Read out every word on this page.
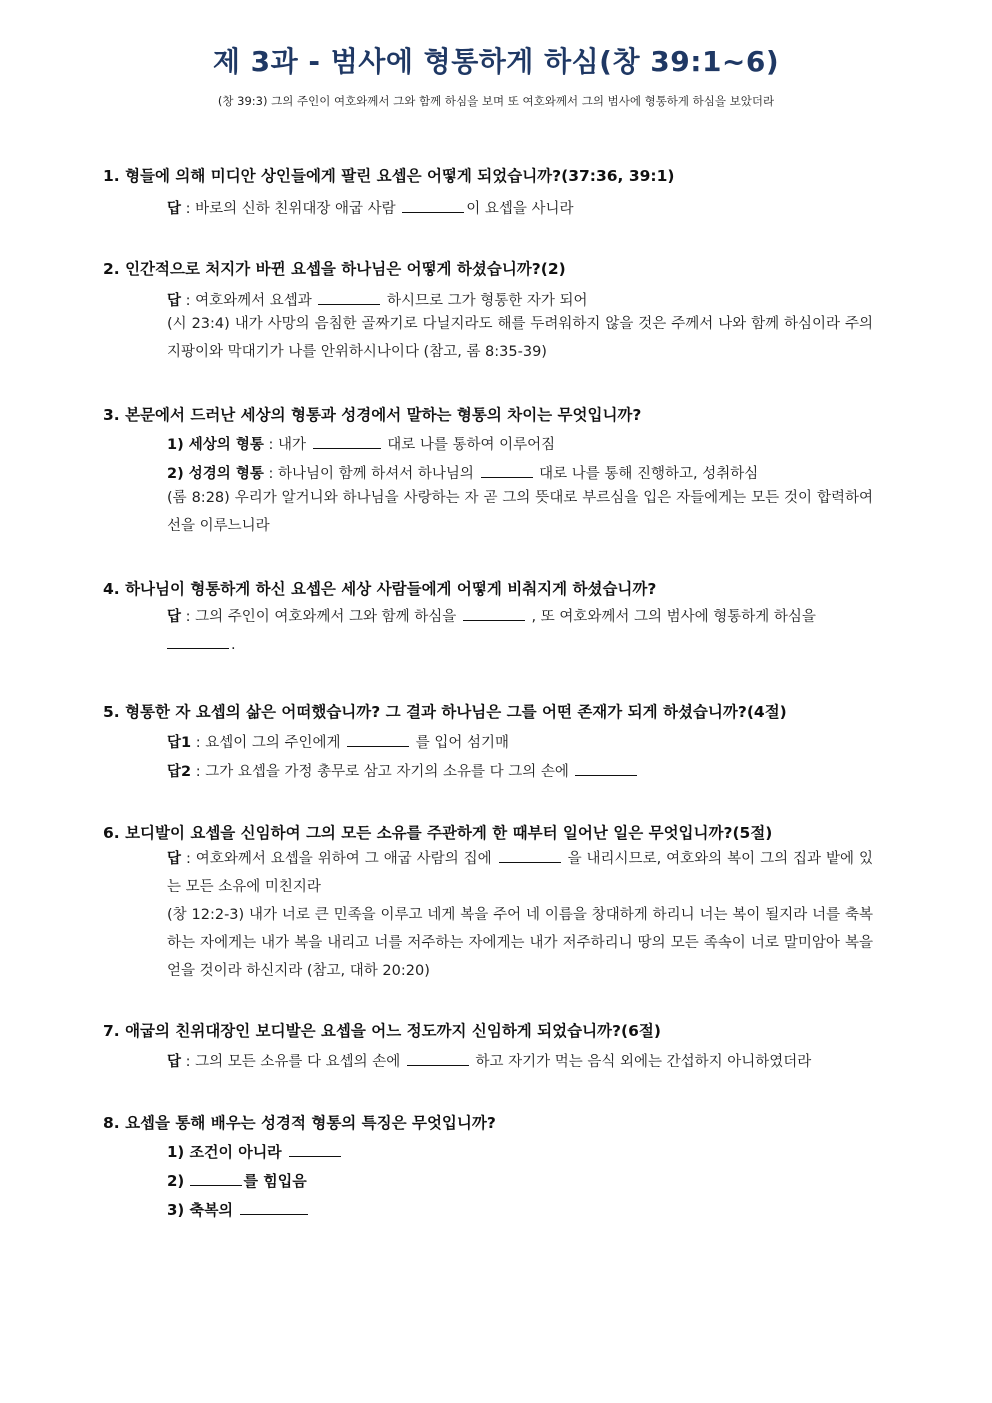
제 3과 - 범사에 형통하게 하심(창 39:1~6)
(창 39:3) 그의 주인이 여호와께서 그와 함께 하심을 보며 또 여호와께서 그의 범사에 형통하게 하심을 보았더라
1. 형들에 의해 미디안 상인들에게 팔린 요셉은 어떻게 되었습니까?(37:36, 39:1)
답 : 바로의 신하 친위대장 애굽 사람	이 요셉을 사니라
2. 인간적으로 처지가 바뀐 요셉을 하나님은 어떻게 하셨습니까?(2)
답 : 여호와께서 요셉과	하시므로 그가 형통한 자가 되어
(시 23:4) 내가 사망의 음침한 골짜기로 다닐지라도 해를 두려워하지 않을 것은 주께서 나와 함께 하심이라 주의 지팡이와 막대기가 나를 안위하시나이다 (참고, 롬 8:35-39)
3. 본문에서 드러난 세상의 형통과 성경에서 말하는 형통의 차이는 무엇입니까?
1) 세상의 형통 : 내가	대로 나를 통하여 이루어짐
2) 성경의 형통 : 하나님이 함께 하셔서 하나님의	대로 나를 통해 진행하고, 성취하심
(롬 8:28) 우리가 알거니와 하나님을 사랑하는 자 곧 그의 뜻대로 부르심을 입은 자들에게는 모든 것이 합력하여 선을 이루느니라
4. 하나님이 형통하게 하신 요셉은 세상 사람들에게 어떻게 비춰지게 하셨습니까?
답 : 그의 주인이 여호와께서 그와 함께 하심을	, 또 여호와께서 그의 범사에 형통하게 하심을
.
5. 형통한 자 요셉의 삶은 어떠했습니까? 그 결과 하나님은 그를 어떤 존재가 되게 하셨습니까?(4절)
답1 : 요셉이 그의 주인에게	를 입어 섬기매
답2 : 그가 요셉을 가정 총무로 삼고 자기의 소유를 다 그의 손에
6. 보디발이 요셉을 신임하여 그의 모든 소유를 주관하게 한 때부터 일어난 일은 무엇입니까?(5절)
답 : 여호와께서 요셉을 위하여 그 애굽 사람의 집에	을 내리시므로, 여호와의 복이 그의 집과 밭에 있는 모든 소유에 미친지라
(창 12:2-3) 내가 너로 큰 민족을 이루고 네게 복을 주어 네 이름을 창대하게 하리니 너는 복이 될지라 너를 축복하는 자에게는 내가 복을 내리고 너를 저주하는 자에게는 내가 저주하리니 땅의 모든 족속이 너로 말미암아 복을 얻을 것이라 하신지라 (참고, 대하 20:20)
7. 애굽의 친위대장인 보디발은 요셉을 어느 정도까지 신임하게 되었습니까?(6절)
답 : 그의 모든 소유를 다 요셉의 손에	하고 자기가 먹는 음식 외에는 간섭하지 아니하였더라
8. 요셉을 통해 배우는 성경적 형통의 특징은 무엇입니까?
1) 조건이 아니라
2)	를 힘입음
3) 축복의
